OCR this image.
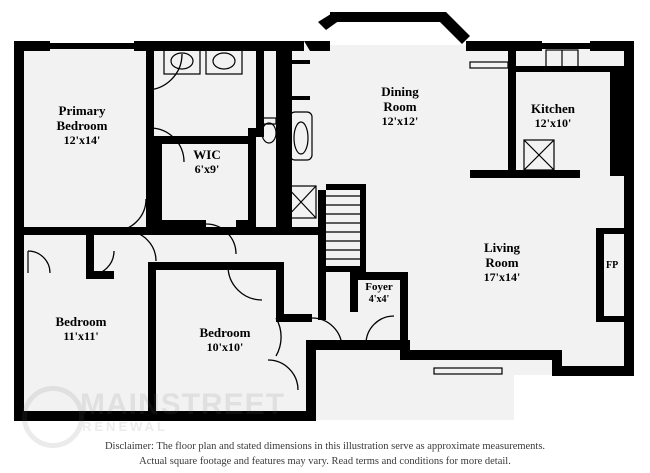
Primary
Bedroom
12'x14'
WIC
6'x9'
Bedroom
11'x11'	Bedroom
10'x10'
Foyer
4'x4'
Dining
Room
12'x12'
Kitchen
12'x10'
Living
Room
17'x14'
FP
RENEWAL
Disclaimer: The floor plan and stated dimensions in this illustration serve as approximate measurements.
Actual square footage and features may vary. Read terms and conditions for more detail.
